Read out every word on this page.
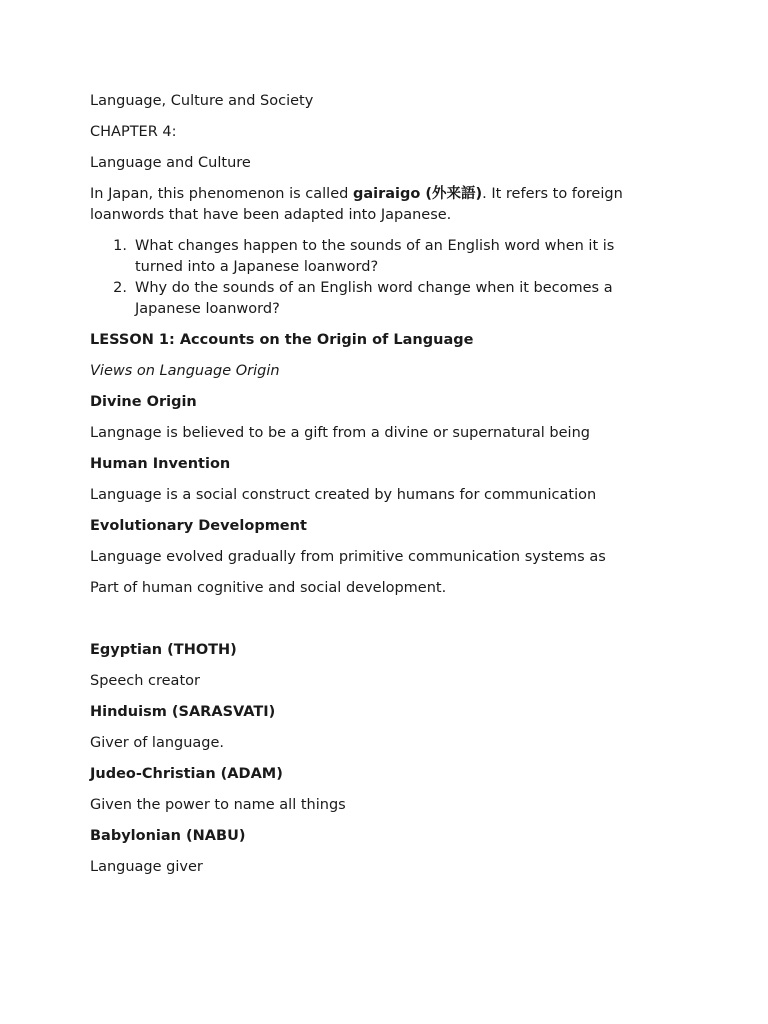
Language, Culture and Society

CHAPTER 4:

Language and Culture

In Japan, this phenomenon is called gairaigo (外来語). It refers to foreign loanwords that have been adapted into Japanese.

1. What changes happen to the sounds of an English word when it is turned into a Japanese loanword?
2. Why do the sounds of an English word change when it becomes a Japanese loanword?

LESSON 1: Accounts on the Origin of Language

Views on Language Origin

Divine Origin

Langnage is believed to be a gift from a divine or supernatural being

Human Invention

Language is a social construct created by humans for communication

Evolutionary Development

Language evolved gradually from primitive communication systems as

Part of human cognitive and social development.

Egyptian (THOTH)

Speech creator

Hinduism (SARASVATI)

Giver of language.

Judeo-Christian (ADAM)

Given the power to name all things

Babylonian (NABU)

Language giver
